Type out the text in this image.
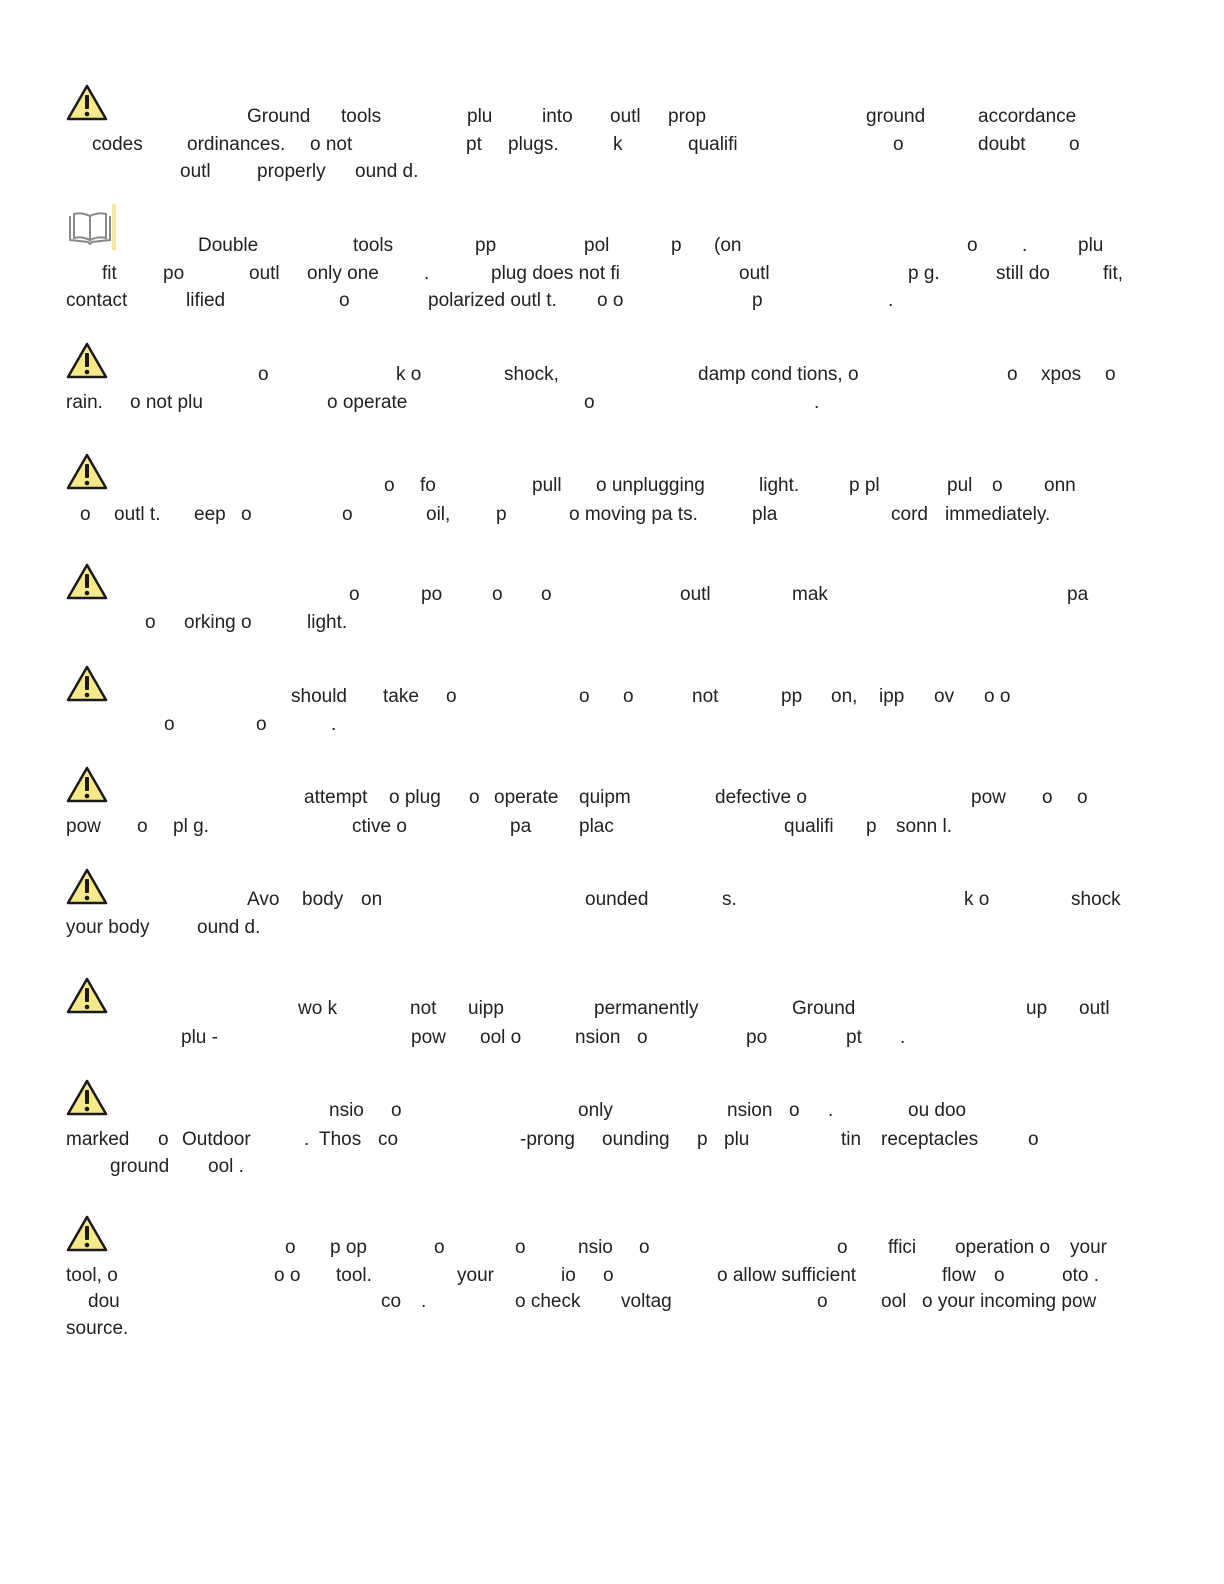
Ground tools	plu	into outl prop	ground	accordance
codes ordinances. o not	pt plugs.	k	qualifi	o	doubt o
outl properly ound d.
Double	tools	pp	pol	p (on	o .	plu
fit po	outl only one .	plug does not fi	outl	p g.	still do	fit,
contact	lified	o	polarized outl t. o o	p	.
o	k o	shock,	damp cond tions, o	o xpos o
rain. o not plu	o operate	o	.
o fo	pull o unplugging	light.	p pl	pul o onn
o outl t. eep o	o	oil, p	o moving pa ts.	pla	cord immediately.
o	po	o o	outl	mak	pa
o orking o	light.
should take o	o o	not	pp on, ipp ov o o
o	o	.
attempt o plug o operate quipm	defective o	pow o o
pow o pl g.	ctive o	pa	plac	qualifi p sonn l.
Avo body on	ounded	s.	k o	shock
your body	ound d.
wo k	not uipp	permanently	Ground	up outl
plu -	pow ool o	nsion o	po	pt .
nsio o	only	nsion o .	ou doo
marked o Outdoor	. Thos co	-prong ounding p plu	tin receptacles	o
ground ool .
o p op	o	o	nsio o	o ffici operation o your
tool, o	o o tool.	your	io o	o allow sufficient	flow o	oto .
dou	co .	o check voltag	o	ool o your incoming pow
source.
